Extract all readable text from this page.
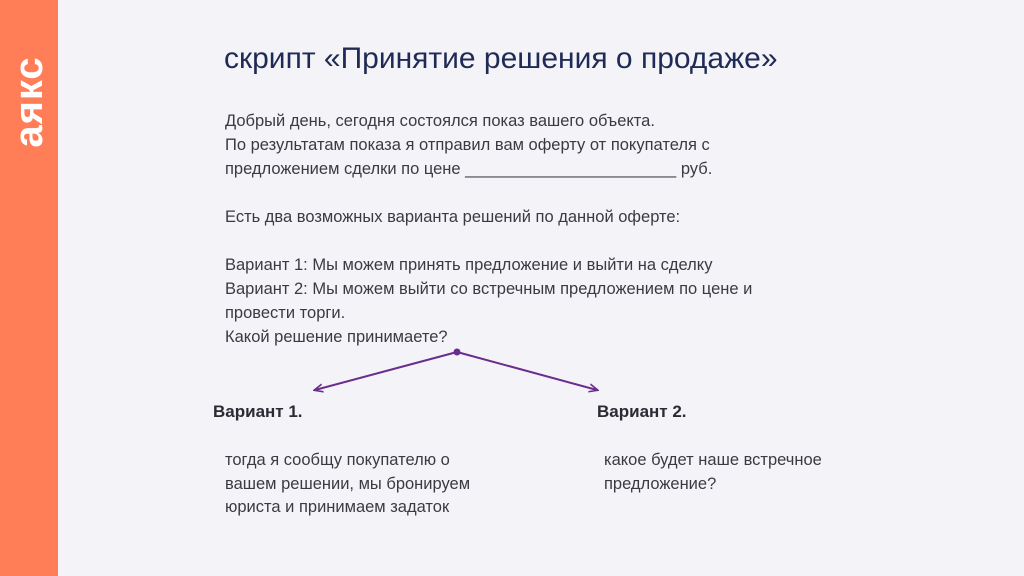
аякс	скрипт «Принятие решения о продаже»
Добрый день, сегодня состоялся показ вашего объекта.
По результатам показа я отправил вам оферту от покупателя с
предложением сделки по цене _______________________ руб.
Есть два возможных варианта решений по данной оферте:
Вариант 1: Мы можем принять предложение и выйти на сделку
Вариант 2: Мы можем выйти со встречным предложением по цене и
провести торги.
Какой решение принимаете?
Вариант 1.	Вариант 2.
тогда я сообщу покупателю о
вашем решении, мы бронируем
юриста и принимаем задаток
какое будет наше встречное
предложение?
